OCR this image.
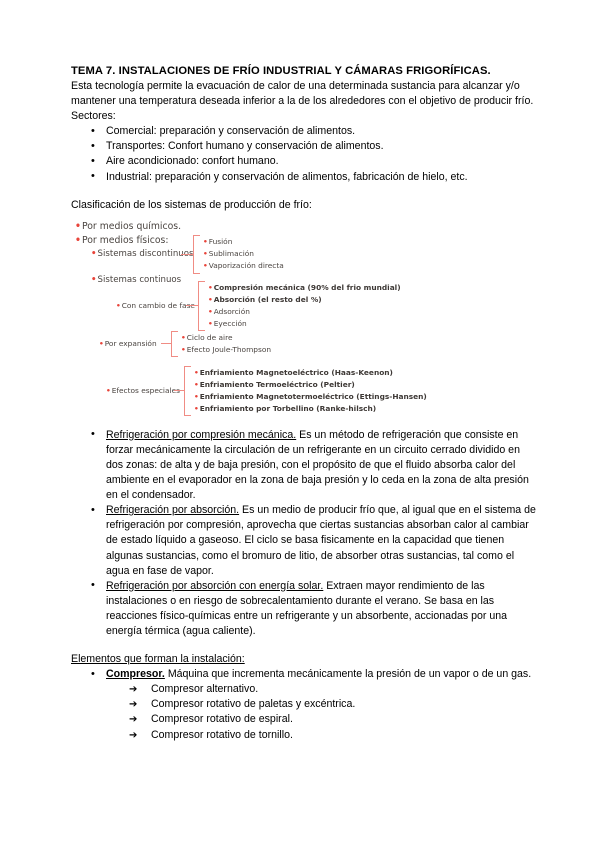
TEMA 7. INSTALACIONES DE FRÍO INDUSTRIAL Y CÁMARAS FRIGORÍFICAS.

Esta tecnología permite la evacuación de calor de una determinada sustancia para alcanzar y/o mantener una temperatura deseada inferior a la de los alrededores con el objetivo de producir frío.

Sectores:

• Comercial: preparación y conservación de alimentos.
• Transportes: Confort humano y conservación de alimentos.
• Aire acondicionado: confort humano.
• Industrial: preparación y conservación de alimentos, fabricación de hielo, etc.

Clasificación de los sistemas de producción de frío:

•Por medios químicos.
•Por medios físicos:
•Sistemas discontinuos
•Sistemas continuos
•Con cambio de fase
•Por expansión
•Efectos especiales
•Fusión
•Sublimación
•Vaporización directa
•Compresión mecánica (90% del frio mundial)
•Absorción (el resto del %)
•Adsorción
•Eyección
•Ciclo de aire
•Efecto Joule-Thompson
•Enfriamiento Magnetoeléctrico (Haas-Keenon)
•Enfriamiento Termoeléctrico (Peltier)
•Enfriamiento Magnetotermoeléctrico (Ettings-Hansen)
•Enfriamiento por Torbellino (Ranke-hilsch)
• Refrigeración por compresión mecánica. Es un método de refrigeración que consiste en forzar mecánicamente la circulación de un refrigerante en un circuito cerrado dividido en dos zonas: de alta y de baja presión, con el propósito de que el fluido absorba calor del ambiente en el evaporador en la zona de baja presión y lo ceda en la zona de alta presión en el condensador.
• Refrigeración por absorción. Es un medio de producir frío que, al igual que en el sistema de refrigeración por compresión, aprovecha que ciertas sustancias absorban calor al cambiar de estado líquido a gaseoso. El ciclo se basa fisicamente en la capacidad que tienen algunas sustancias, como el bromuro de litio, de absorber otras sustancias, tal como el agua en fase de vapor.
• Refrigeración por absorción con energía solar. Extraen mayor rendimiento de las instalaciones o en riesgo de sobrecalentamiento durante el verano. Se basa en las reacciones físico-químicas entre un refrigerante y un absorbente, accionadas por una energía térmica (agua caliente).

Elementos que forman la instalación:

• Compresor. Máquina que incrementa mecánicamente la presión de un vapor o de un gas.
➔ Compresor alternativo.
➔ Compresor rotativo de paletas y excéntrica.
➔ Compresor rotativo de espiral.
➔ Compresor rotativo de tornillo.
